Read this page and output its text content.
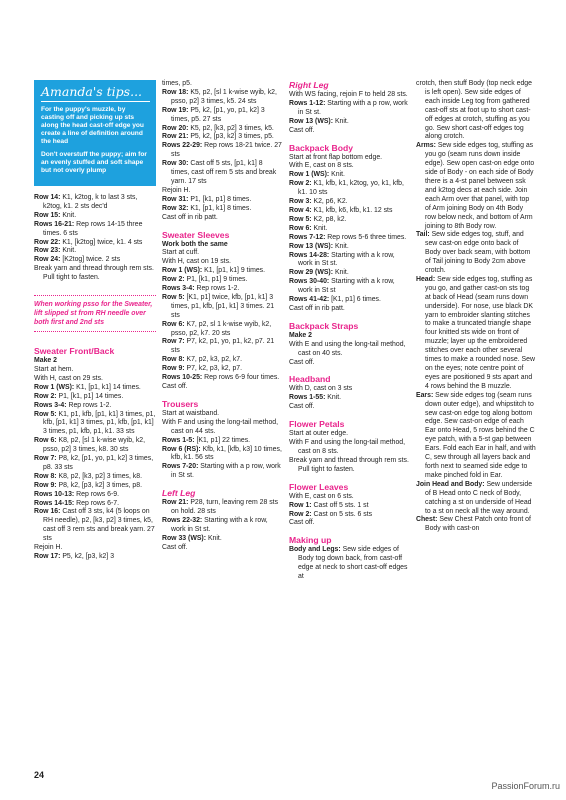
Amanda's tips...

For the puppy's muzzle, by casting off and picking up sts along the head cast-off edge you create a line of definition around the head

Don't overstuff the puppy; aim for an evenly stuffed and soft shape but not overly plump

Row 14: K1, k2tog, k to last 3 sts, k2tog, k1. 2 sts dec'd

Row 15: Knit.

Rows 16-21: Rep rows 14-15 three times. 6 sts

Row 22: K1, [k2tog] twice, k1. 4 sts

Row 23: Knit.

Row 24: [K2tog] twice. 2 sts

Break yarn and thread through rem sts. Pull tight to fasten.

When working psso for the Sweater, lift slipped st from RH needle over both first and 2nd sts
Sweater Front/Back
Make 2

Start at hem.

With H, cast on 29 sts.

Row 1 (WS): K1, [p1, k1] 14 times.

Row 2: P1, [k1, p1] 14 times.

Rows 3-4: Rep rows 1-2.

Row 5: K1, p1, kfb, [p1, k1] 3 times, p1, kfb, [p1, k1] 3 times, p1, kfb, [p1, k1] 3 times, p1, kfb, p1, k1. 33 sts

Row 6: K8, p2, [sl 1 k-wise wyib, k2, psso, p2] 3 times, k8. 30 sts

Row 7: P8, k2, [p1, yo, p1, k2] 3 times, p8. 33 sts

Row 8: K8, p2, [k3, p2] 3 times, k8.

Row 9: P8, k2, [p3, k2] 3 times, p8.

Rows 10-13: Rep rows 6-9.

Rows 14-15: Rep rows 6-7.

Row 16: Cast off 3 sts, k4 (5 loops on RH needle), p2, [k3, p2] 3 times, k5, cast off 3 rem sts and break yarn. 27 sts

Rejoin H.

Row 17: P5, k2, [p3, k2] 3

times, p5.

Row 18: K5, p2, [sl 1 k-wise wyib, k2, psso, p2] 3 times, k5. 24 sts

Row 19: P5, k2, [p1, yo, p1, k2] 3 times, p5. 27 sts

Row 20: K5, p2, [k3, p2] 3 times, k5.

Row 21: P5, k2, [p3, k2] 3 times, p5.

Rows 22-29: Rep rows 18-21 twice. 27 sts

Row 30: Cast off 5 sts, [p1, k1] 8 times, cast off rem 5 sts and break yarn. 17 sts

Rejoin H.

Row 31: P1, [k1, p1] 8 times.

Row 32: K1, [p1, k1] 8 times.

Cast off in rib patt.

Sweater Sleeves
Work both the same

Start at cuff.

With H, cast on 19 sts.

Row 1 (WS): K1, [p1, k1] 9 times.

Row 2: P1, [k1, p1] 9 times.

Rows 3-4: Rep rows 1-2.

Row 5: [K1, p1] twice, kfb, [p1, k1] 3 times, p1, kfb, [p1, k1] 3 times. 21 sts

Row 6: K7, p2, sl 1 k-wise wyib, k2, psso, p2, k7. 20 sts

Row 7: P7, k2, p1, yo, p1, k2, p7. 21 sts

Row 8: K7, p2, k3, p2, k7.

Row 9: P7, k2, p3, k2, p7.

Rows 10-25: Rep rows 6-9 four times.

Cast off.

Trousers

Start at waistband.

With F and using the long-tail method, cast on 44 sts.

Rows 1-5: [K1, p1] 22 times.

Row 6 (RS): Kfb, k1, [kfb, k3] 10 times, kfb, k1. 56 sts

Rows 7-20: Starting with a p row, work in St st.

Left Leg

Row 21: P28, turn, leaving rem 28 sts on hold. 28 sts

Rows 22-32: Starting with a k row, work in St st.

Row 33 (WS): Knit.

Cast off.

Right Leg

With WS facing, rejoin F to held 28 sts.

Rows 1-12: Starting with a p row, work in St st.

Row 13 (WS): Knit.

Cast off.

Backpack Body

Start at front flap bottom edge.

With E, cast on 8 sts.

Row 1 (WS): Knit.

Row 2: K1, kfb, k1, k2tog, yo, k1, kfb, k1. 10 sts

Row 3: K2, p6, K2.

Row 4: K1, kfb, k6, kfb, k1. 12 sts

Row 5: K2, p8, k2.

Row 6: Knit.

Rows 7-12: Rep rows 5-6 three times.

Row 13 (WS): Knit.

Rows 14-28: Starting with a k row, work in St st.

Row 29 (WS): Knit.

Rows 30-40: Starting with a k row, work in St st

Rows 41-42: [K1, p1] 6 times.

Cast off in rib patt.

Backpack Straps
Make 2

With E and using the long-tail method, cast on 40 sts.

Cast off.

Headband

With D, cast on 3 sts

Rows 1-55: Knit.

Cast off.

Flower Petals

Start at outer edge.

With F and using the long-tail method, cast on 8 sts.

Break yarn and thread through rem sts. Pull tight to fasten.

Flower Leaves

With E, cast on 6 sts.

Row 1: Cast off 5 sts. 1 st

Row 2: Cast on 5 sts. 6 sts

Cast off.

Making up

Body and Legs: Sew side edges of Body tog down back, from cast-off edge at neck to short cast-off edges at

crotch, then stuff Body (top neck edge is left open). Sew side edges of each inside Leg tog from gathered cast-off sts at foot up to short cast-off edges at crotch, stuffing as you go. Sew short cast-off edges tog along crotch.

Arms: Sew side edges tog, stuffing as you go (seam runs down inside edge). Sew open cast-on edge onto side of Body - on each side of Body there is a 4-st panel between ssk and k2tog decs at each side. Join each Arm over that panel, with top of Arm joining Body on 4th Body row below neck, and bottom of Arm joining to 8th Body row.

Tail: Sew side edges tog, stuff, and sew cast-on edge onto back of Body over back seam, with bottom of Tail joining to Body 2cm above crotch.

Head: Sew side edges tog, stuffing as you go, and gather cast-on sts tog at back of Head (seam runs down underside). For nose, use black DK yarn to embroider slanting stitches to make a truncated triangle shape four knitted sts wide on front of muzzle; layer up the embroidered stitches over each other several times to make a rounded nose. Sew on the eyes; note centre point of eyes are positioned 9 sts apart and 4 rows behind the B muzzle.

Ears: Sew side edges tog (seam runs down outer edge), and whipstitch to sew cast-on edge tog along bottom edge. Sew cast-on edge of each Ear onto Head, 5 rows behind the C eye patch, with a 5-st gap between Ears. Fold each Ear in half, and with C, sew through all layers back and forth next to seamed side edge to make pinched fold in Ear.

Join Head and Body: Sew underside of B Head onto C neck of Body, catching a st on underside of Head to a st on neck all the way around.

Chest: Sew Chest Patch onto front of Body with cast-on

24
PassionForum.ru
